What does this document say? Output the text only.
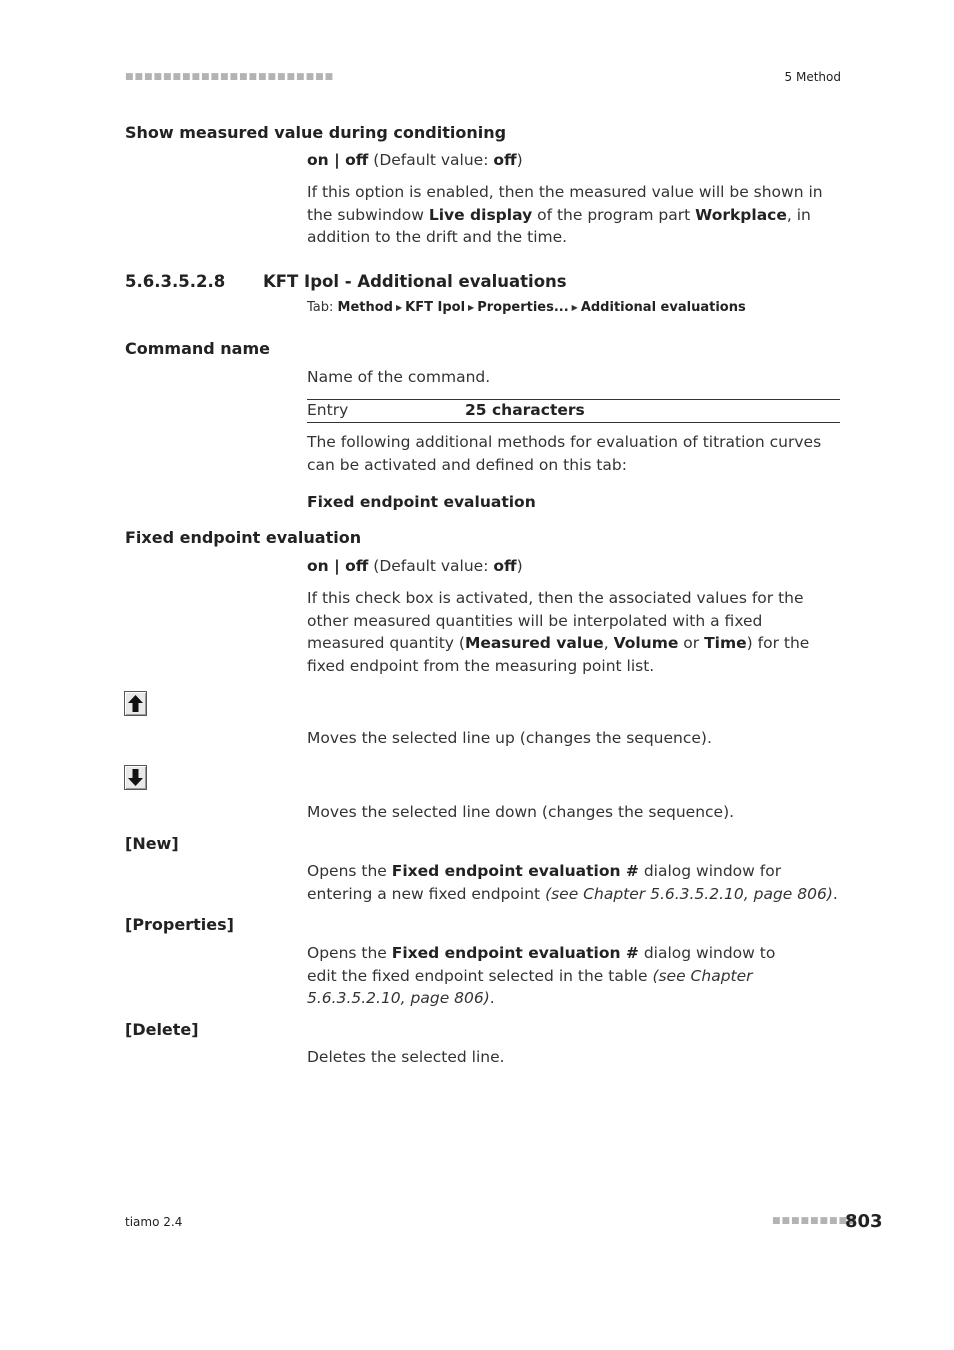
■■■■■■■■■■■■■■■■■■■■■■	5 Method
Show measured value during conditioning
on | off (Default value: off)
If this option is enabled, then the measured value will be shown in the subwindow Live display of the program part Workplace, in addition to the drift and the time.
5.6.3.5.2.8 KFT Ipol - Additional evaluations
Tab: Method ▶ KFT Ipol ▶ Properties... ▶ Additional evaluations
Command name
Name of the command.
Entry	25 characters
The following additional methods for evaluation of titration curves can be activated and defined on this tab:
Fixed endpoint evaluation
Fixed endpoint evaluation
on | off (Default value: off)
If this check box is activated, then the associated values for the other measured quantities will be interpolated with a fixed measured quantity (Measured value, Volume or Time) for the fixed endpoint from the measuring point list.
Moves the selected line up (changes the sequence).
Moves the selected line down (changes the sequence).
[New]
Opens the Fixed endpoint evaluation # dialog window for entering a new fixed endpoint (see Chapter 5.6.3.5.2.10, page 806).
[Properties]
Opens the Fixed endpoint evaluation # dialog window to edit the fixed endpoint selected in the table (see Chapter 5.6.3.5.2.10, page 806).
[Delete]
Deletes the selected line.
tiamo 2.4	■■■■■■■■■
803
